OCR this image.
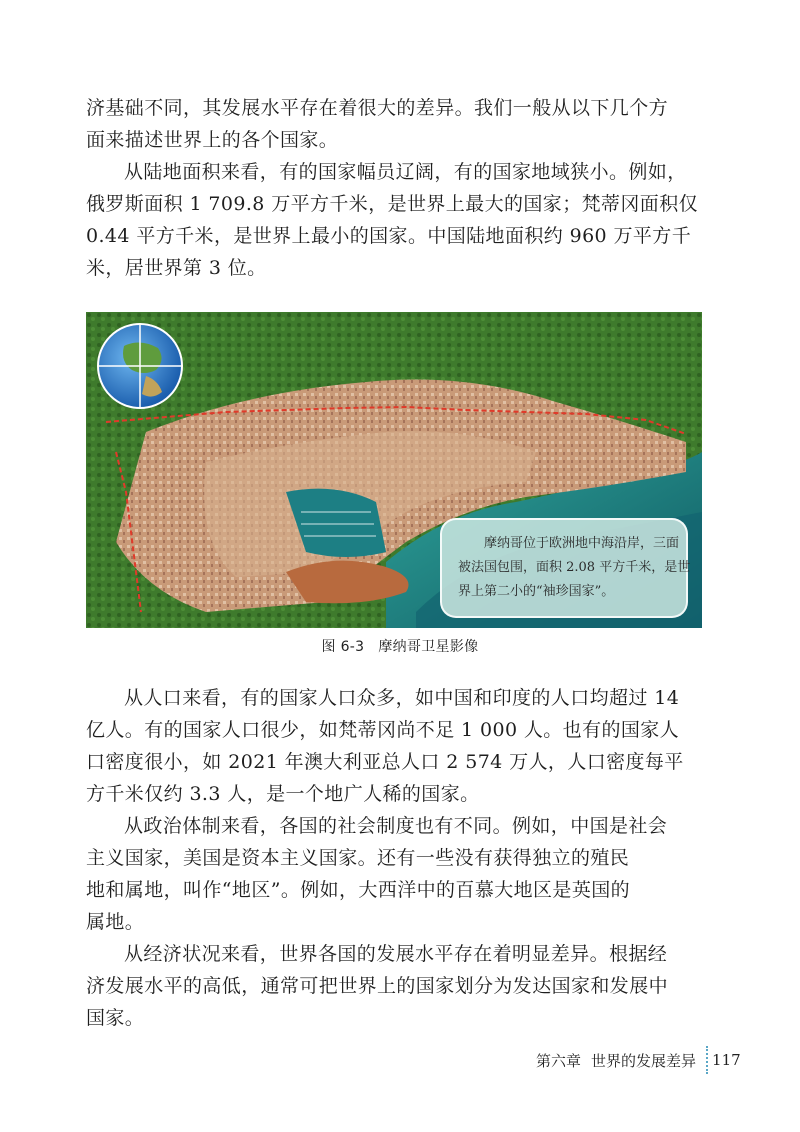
济基础不同，其发展水平存在着很大的差异。我们一般从以下几个方
面来描述世界上的各个国家。
从陆地面积来看，有的国家幅员辽阔，有的国家地域狭小。例如，
俄罗斯面积 1 709.8 万平方千米，是世界上最大的国家；梵蒂冈面积仅
0.44 平方千米，是世界上最小的国家。中国陆地面积约 960 万平方千
米，居世界第 3 位。
摩纳哥位于欧洲地中海沿岸，三面
被法国包围，面积 2.08 平方千米，是世
界上第二小的“袖珍国家”。
图 6-3 摩纳哥卫星影像
从人口来看，有的国家人口众多，如中国和印度的人口均超过 14
亿人。有的国家人口很少，如梵蒂冈尚不足 1 000 人。也有的国家人
口密度很小，如 2021 年澳大利亚总人口 2 574 万人，人口密度每平
方千米仅约 3.3 人，是一个地广人稀的国家。
从政治体制来看，各国的社会制度也有不同。例如，中国是社会
主义国家，美国是资本主义国家。还有一些没有获得独立的殖民
地和属地，叫作“地区”。例如，大西洋中的百慕大地区是英国的
属地。
从经济状况来看，世界各国的发展水平存在着明显差异。根据经
济发展水平的高低，通常可把世界上的国家划分为发达国家和发展中
国家。
第六章 世界的发展差异	117
